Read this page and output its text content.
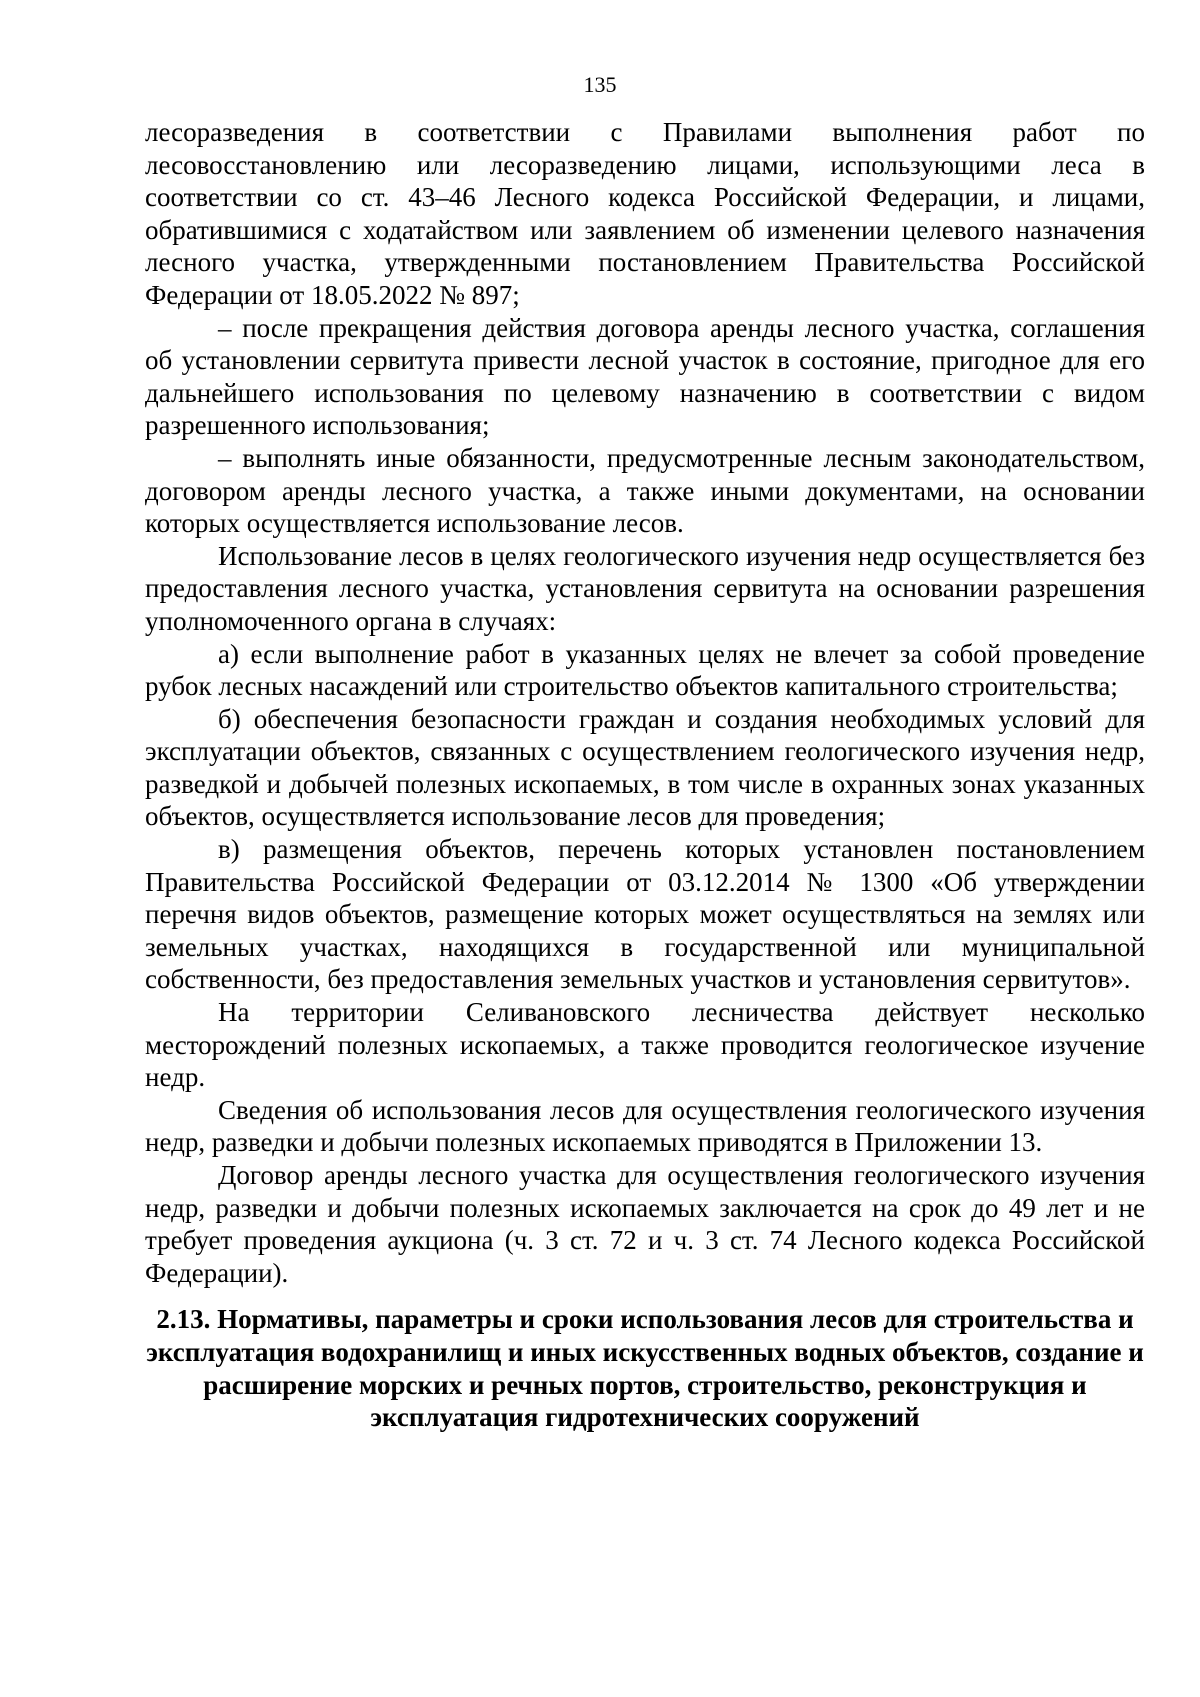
135

лесоразведения в соответствии с Правилами выполнения работ по лесовосстановлению или лесоразведению лицами, использующими леса в соответствии со ст. 43–46 Лесного кодекса Российской Федерации, и лицами, обратившимися с ходатайством или заявлением об изменении целевого назначения лесного участка, утвержденными постановлением Правительства Российской Федерации от 18.05.2022 № 897;

– после прекращения действия договора аренды лесного участка, соглашения об установлении сервитута привести лесной участок в состояние, пригодное для его дальнейшего использования по целевому назначению в соответствии с видом разрешенного использования;

– выполнять иные обязанности, предусмотренные лесным законодательством, договором аренды лесного участка, а также иными документами, на основании которых осуществляется использование лесов.

Использование лесов в целях геологического изучения недр осуществляется без предоставления лесного участка, установления сервитута на основании разрешения уполномоченного органа в случаях:

а) если выполнение работ в указанных целях не влечет за собой проведение рубок лесных насаждений или строительство объектов капитального строительства;

б) обеспечения безопасности граждан и создания необходимых условий для эксплуатации объектов, связанных с осуществлением геологического изучения недр, разведкой и добычей полезных ископаемых, в том числе в охранных зонах указанных объектов, осуществляется использование лесов для проведения;

в) размещения объектов, перечень которых установлен постановлением Правительства Российской Федерации от 03.12.2014 № 1300 «Об утверждении перечня видов объектов, размещение которых может осуществляться на землях или земельных участках, находящихся в государственной или муниципальной собственности, без предоставления земельных участков и установления сервитутов».

На территории Селивановского лесничества действует несколько месторождений полезных ископаемых, а также проводится геологическое изучение недр.

Сведения об использования лесов для осуществления геологического изучения недр, разведки и добычи полезных ископаемых приводятся в Приложении 13.

Договор аренды лесного участка для осуществления геологического изучения недр, разведки и добычи полезных ископаемых заключается на срок до 49 лет и не требует проведения аукциона (ч. 3 ст. 72 и ч. 3 ст. 74 Лесного кодекса Российской Федерации).

2.13. Нормативы, параметры и сроки использования лесов для строительства и эксплуатация водохранилищ и иных искусственных водных объектов, создание и расширение морских и речных портов, строительство, реконструкция и эксплуатация гидротехнических сооружений
